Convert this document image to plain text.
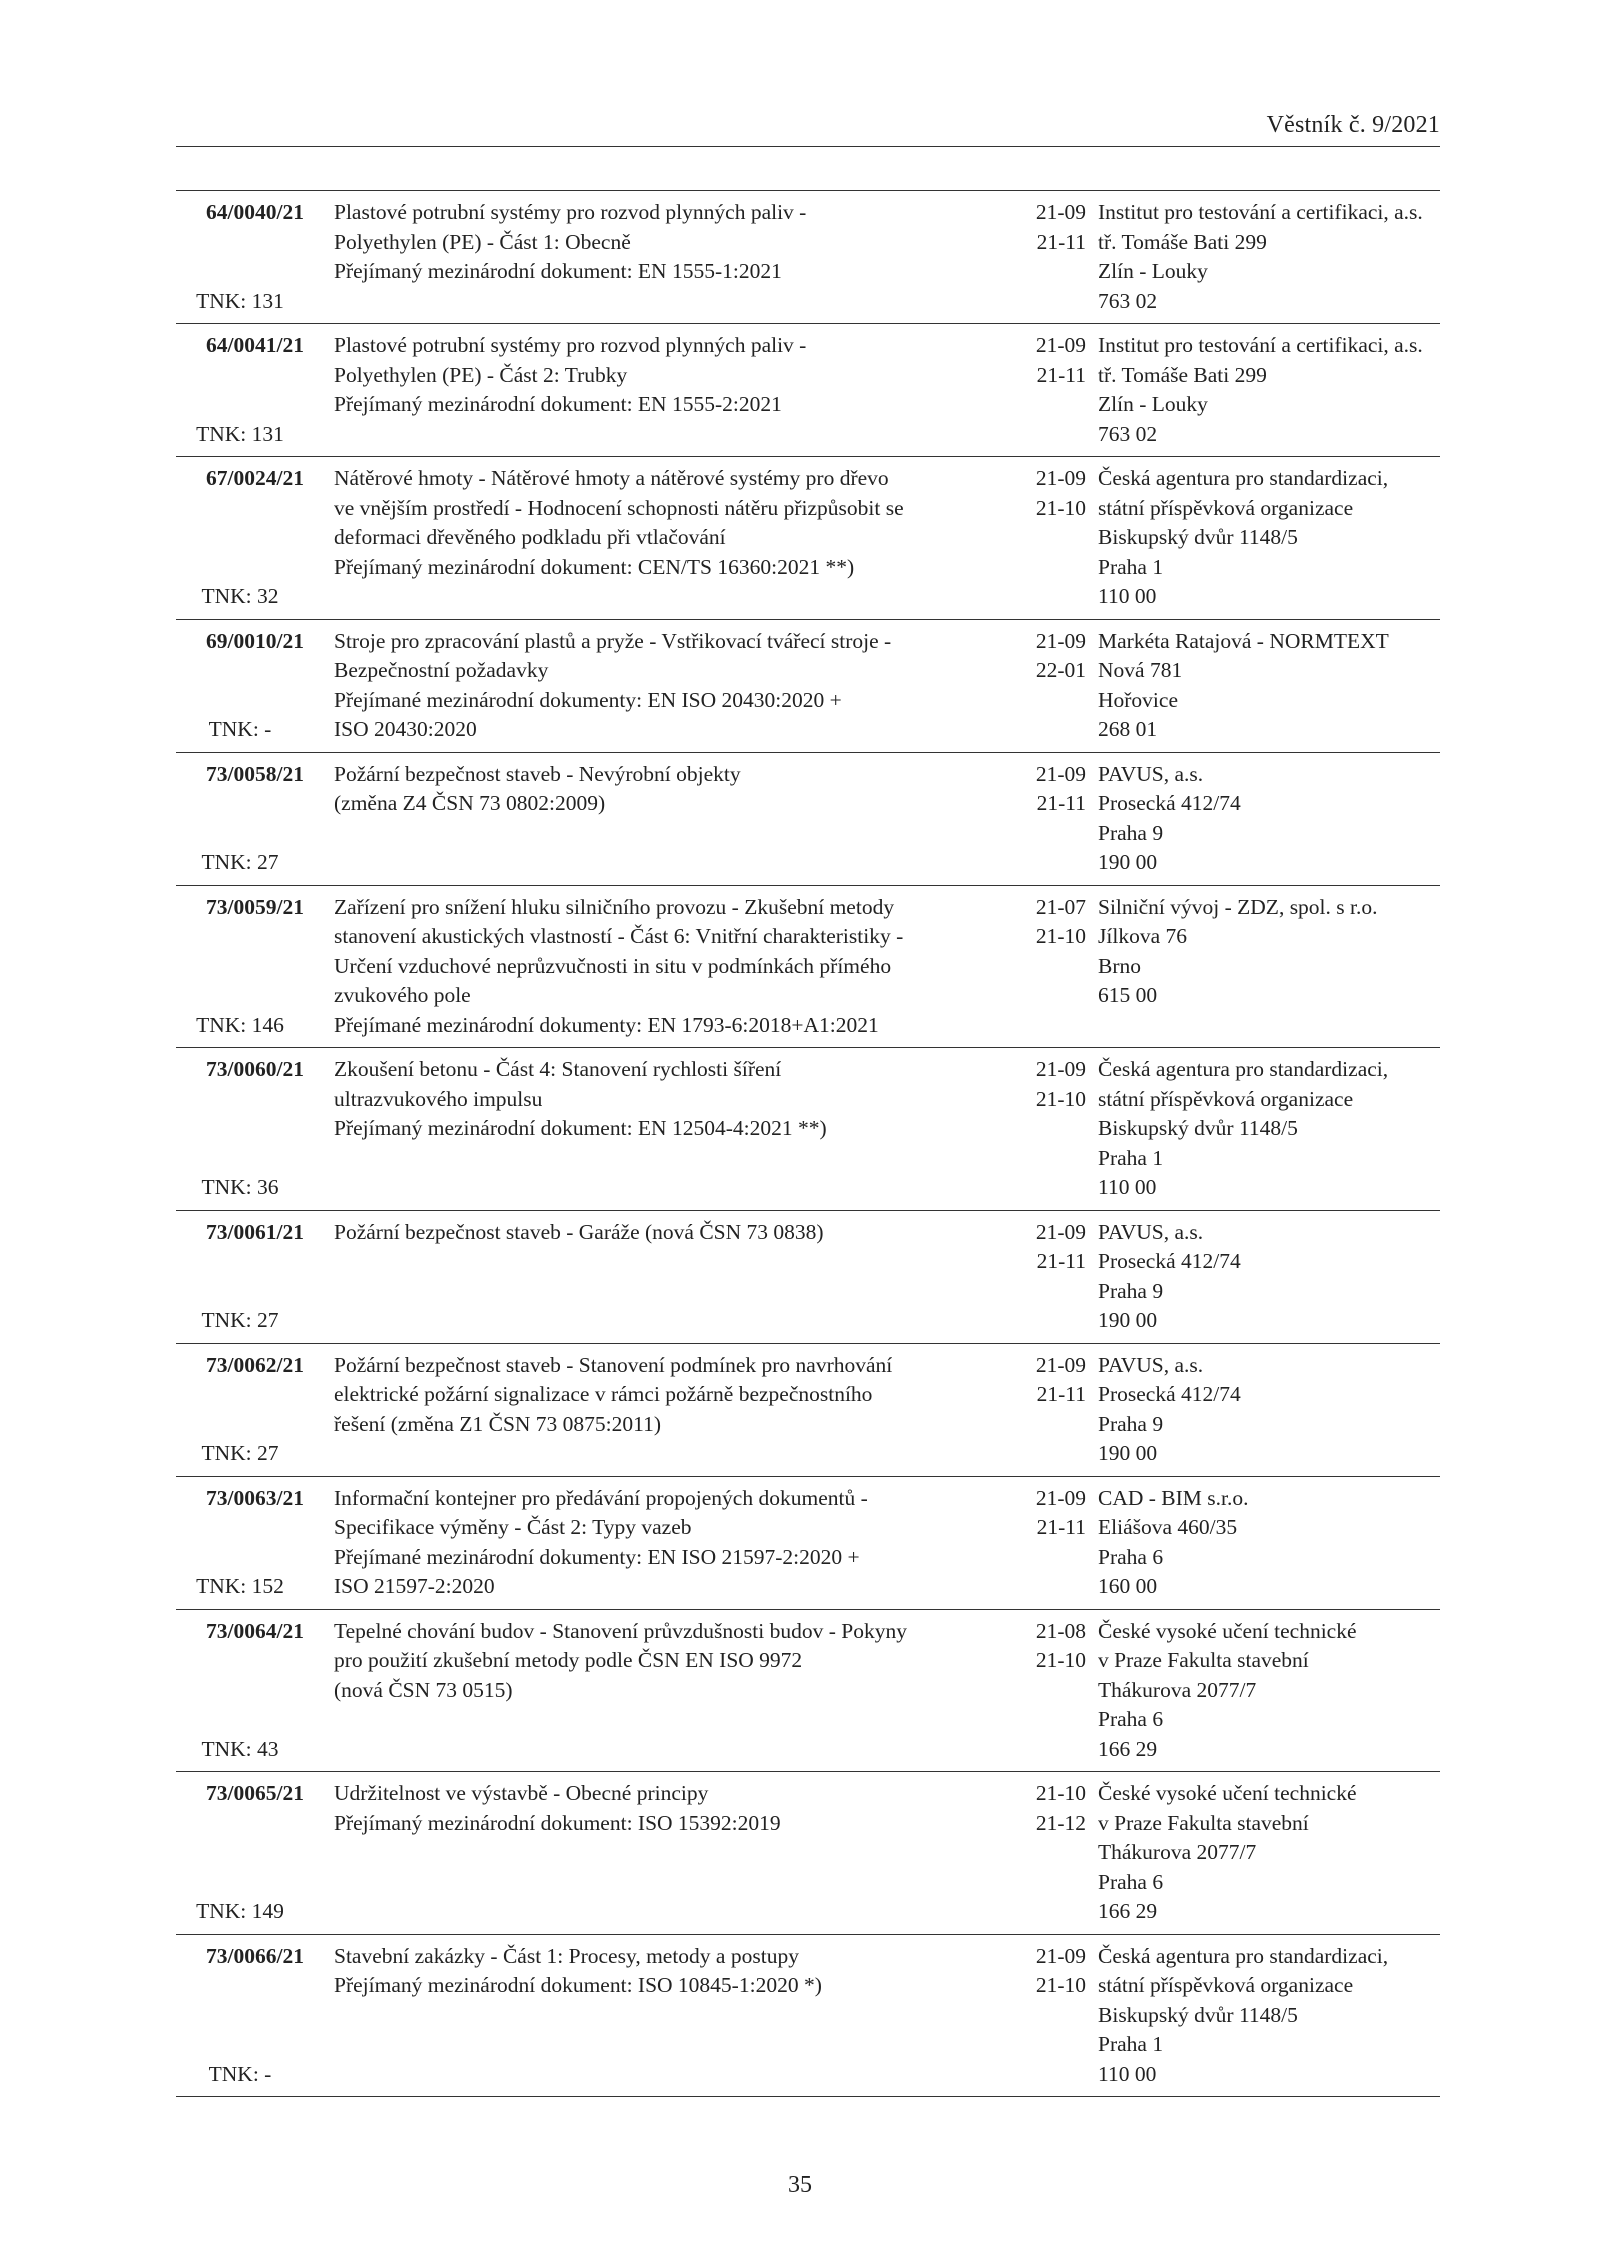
Věstník č. 9/2021
64/0040/21
TNK: 131
Plastové potrubní systémy pro rozvod plynných paliv -
Polyethylen (PE) - Část 1: Obecně
Přejímaný mezinárodní dokument: EN 1555-1:2021
21-09
21-11
Institut pro testování a certifikaci, a.s.
tř. Tomáše Bati 299
Zlín - Louky
763 02
64/0041/21
TNK: 131
Plastové potrubní systémy pro rozvod plynných paliv -
Polyethylen (PE) - Část 2: Trubky
Přejímaný mezinárodní dokument: EN 1555-2:2021
21-09
21-11
Institut pro testování a certifikaci, a.s.
tř. Tomáše Bati 299
Zlín - Louky
763 02
67/0024/21
TNK: 32
Nátěrové hmoty - Nátěrové hmoty a nátěrové systémy pro dřevo
ve vnějším prostředí - Hodnocení schopnosti nátěru přizpůsobit se
deformaci dřevěného podkladu při vtlačování
Přejímaný mezinárodní dokument: CEN/TS 16360:2021 **)
21-09
21-10
Česká agentura pro standardizaci,
státní příspěvková organizace
Biskupský dvůr 1148/5
Praha 1
110 00
69/0010/21
TNK: -
Stroje pro zpracování plastů a pryže - Vstřikovací tvářecí stroje -
Bezpečnostní požadavky
Přejímané mezinárodní dokumenty: EN ISO 20430:2020 +
ISO 20430:2020
21-09
22-01
Markéta Ratajová - NORMTEXT
Nová 781
Hořovice
268 01
73/0058/21
TNK: 27
Požární bezpečnost staveb - Nevýrobní objekty
(změna Z4 ČSN 73 0802:2009)
21-09
21-11
PAVUS, a.s.
Prosecká 412/74
Praha 9
190 00
73/0059/21
TNK: 146
Zařízení pro snížení hluku silničního provozu - Zkušební metody
stanovení akustických vlastností - Část 6: Vnitřní charakteristiky -
Určení vzduchové neprůzvučnosti in situ v podmínkách přímého
zvukového pole
Přejímané mezinárodní dokumenty: EN 1793-6:2018+A1:2021
21-07
21-10
Silniční vývoj - ZDZ, spol. s r.o.
Jílkova 76
Brno
615 00
73/0060/21
TNK: 36
Zkoušení betonu - Část 4: Stanovení rychlosti šíření
ultrazvukového impulsu
Přejímaný mezinárodní dokument: EN 12504-4:2021 **)
21-09
21-10
Česká agentura pro standardizaci,
státní příspěvková organizace
Biskupský dvůr 1148/5
Praha 1
110 00
73/0061/21
TNK: 27
Požární bezpečnost staveb - Garáže (nová ČSN 73 0838)	21-09
21-11
PAVUS, a.s.
Prosecká 412/74
Praha 9
190 00
73/0062/21
TNK: 27
Požární bezpečnost staveb - Stanovení podmínek pro navrhování
elektrické požární signalizace v rámci požárně bezpečnostního
řešení (změna Z1 ČSN 73 0875:2011)
21-09
21-11
PAVUS, a.s.
Prosecká 412/74
Praha 9
190 00
73/0063/21
TNK: 152
Informační kontejner pro předávání propojených dokumentů -
Specifikace výměny - Část 2: Typy vazeb
Přejímané mezinárodní dokumenty: EN ISO 21597-2:2020 +
ISO 21597-2:2020
21-09
21-11
CAD - BIM s.r.o.
Eliášova 460/35
Praha 6
160 00
73/0064/21
TNK: 43
Tepelné chování budov - Stanovení průvzdušnosti budov - Pokyny
pro použití zkušební metody podle ČSN EN ISO 9972
(nová ČSN 73 0515)
21-08
21-10
České vysoké učení technické
v Praze Fakulta stavební
Thákurova 2077/7
Praha 6
166 29
73/0065/21
TNK: 149
Udržitelnost ve výstavbě - Obecné principy
Přejímaný mezinárodní dokument: ISO 15392:2019
21-10
21-12
České vysoké učení technické
v Praze Fakulta stavební
Thákurova 2077/7
Praha 6
166 29
73/0066/21
TNK: -
Stavební zakázky - Část 1: Procesy, metody a postupy
Přejímaný mezinárodní dokument: ISO 10845-1:2020 *)
21-09
21-10
Česká agentura pro standardizaci,
státní příspěvková organizace
Biskupský dvůr 1148/5
Praha 1
110 00
35
